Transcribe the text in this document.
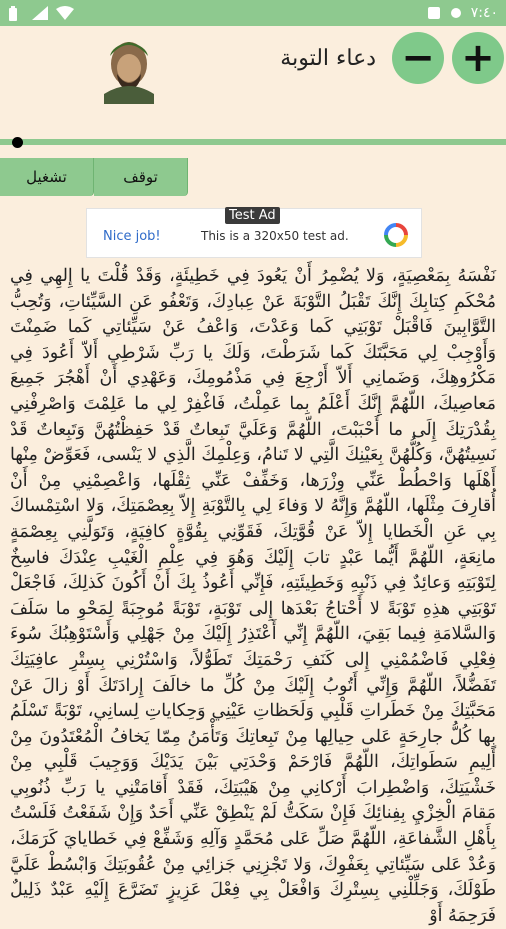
٧:٤٠
+
−
دعاء التوبة
تشغيل	توقف
Test Ad
Nice job!	This is a 320x50 test ad.
نَفْسَهُ بِمَعْصِيَةٍ، وَلا يُضْمِرُ أَنْ يَعُودَ فِي خَطِيئَةٍ، وَقَدْ قُلْتَ يا إِلهِي فِي مُحْكَمِ كِتابِكَ إِنَّكَ تَقْبَلُ التَّوْبَةَ عَنْ عِبادِكَ، وَتَعْفُو عَنِ السَّيِّئاتِ، وَتُحِبُّ التَّوَّابِينَ فَاقْبَلْ تَوْبَتِي كَما وَعَدْتَ، وَاعْفُ عَنْ سَيِّئاتِي كَما ضَمِنْتَ وَأَوْجِبْ لِي مَحَبَّتَكَ كَما شَرَطْتَ، وَلَكَ يا رَبِّ شَرْطِي أَلاّ أَعُودَ فِي مَكْرُوهِكَ، وَضَمانِي أَلاّ أَرْجِعَ فِي مَذْمُومِكَ، وَعَهْدِي أَنْ أَهْجُرَ جَمِيعَ مَعاصِيكَ، اللّهُمَّ إِنَّكَ أَعْلَمُ بِما عَمِلْتُ، فَاغْفِرْ لِي ما عَلِمْتَ وَاصْرِفْنِي بِقُدْرَتِكَ إِلَى ما أَحْبَبْتَ، اللّهُمَّ وَعَلَيَّ تَبِعاتٌ قَدْ حَفِظْتُهُنَّ وَتَبِعاتٌ قَدْ نَسِيتُهُنَّ، وَكُلُّهُنَّ بِعَيْنِكَ الَّتِي لا تَنامُ، وَعِلْمِكَ الَّذِي لا يَنْسى، فَعَوِّضْ مِنْها أَهْلَها وَاحْطُطْ عَنِّي وِزْرَها، وَخَفِّفْ عَنِّي ثِقْلَها، وَاعْصِمْنِي مِنْ أَنْ أُقارِفَ مِثْلَها، اللّهُمَّ وَإِنَّهُ لا وَفاءَ لِي بِالتَّوْبَةِ إِلاّ بِعِصْمَتِكَ، وَلا اسْتِمْساكَ بِي عَنِ الْخَطايا إِلاّ عَنْ قُوَّتِكَ، فَقَوِّنِي بِقُوَّةٍ كافِيَةٍ، وَتَوَلَّنِي بِعِصْمَةٍ مانِعَةٍ، اللّهُمَّ أَيُّما عَبْدٍ تابَ إِلَيْكَ وَهُوَ فِي عِلْمِ الْغَيْبِ عِنْدَكَ فاسِخٌ لِتَوْبَتِهِ وَعائِدٌ فِي ذَنْبِهِ وَخَطِيئَتِهِ، فَإِنِّي أَعُوذُ بِكَ أَنْ أَكُونَ كَذلِكَ، فَاجْعَلْ تَوْبَتِي هذِهِ تَوْبَةً لا أَحْتاجُ بَعْدَها إِلى تَوْبَةٍ، تَوْبَةً مُوجِبَةً لِمَحْوِ ما سَلَفَ وَالسَّلامَةِ فِيما بَقِيَ، اللّهُمَّ إِنِّي أَعْتَذِرُ إِلَيْكَ مِنْ جَهْلِي وَأَسْتَوْهِبُكَ سُوءَ فِعْلِي فَاضْمُمْنِي إِلى كَنَفِ رَحْمَتِكَ تَطَوُّلاً، وَاسْتُرْنِي بِسِتْرِ عافِيَتِكَ تَفَضُّلاً، اللّهُمَّ وَإِنِّي أَتُوبُ إِلَيْكَ مِنْ كُلِّ ما خالَفَ إِرادَتَكَ أَوْ زالَ عَنْ مَحَبَّتِكَ مِنْ خَطَراتِ قَلْبِي وَلَحَظاتِ عَيْنِي وَحِكاياتِ لِسانِي، تَوْبَةً تَسْلَمُ بِها كُلُّ جارِحَةٍ عَلى حِيالِها مِنْ تَبِعاتِكَ وَتَأْمَنُ مِمّا يَخافُ الْمُعْتَدُونَ مِنْ أَلِيمِ سَطَواتِكَ، اللّهُمَّ فَارْحَمْ وَحْدَتِي بَيْنَ يَدَيْكَ وَوَجِيبَ قَلْبِي مِنْ خَشْيَتِكَ، وَاضْطِرابَ أَرْكانِي مِنْ هَيْبَتِكَ، فَقَدْ أَقامَتْنِي يا رَبِّ ذُنُوبِي مَقامَ الْخِزْيِ بِفِنائِكَ فَإِنْ سَكَتُّ لَمْ يَنْطِقْ عَنِّي أَحَدٌ وَإِنْ شَفَعْتُ فَلَسْتُ بِأَهْلِ الشَّفاعَةِ، اللّهُمَّ صَلِّ عَلى مُحَمَّدٍ وَآلِهِ وَشَفِّعْ فِي خَطايايَ كَرَمَكَ، وَعُدْ عَلى سَيِّئاتِي بِعَفْوِكَ، وَلا تَجْزِنِي جَزائِي مِنْ عُقُوبَتِكَ وَابْسُطْ عَلَيَّ طَوْلَكَ، وَجَلِّلْنِي بِسِتْرِكَ وَافْعَلْ بِي فِعْلَ عَزِيزٍ تَضَرَّعَ إِلَيْهِ عَبْدٌ ذَلِيلٌ فَرَحِمَهُ أَوْ
